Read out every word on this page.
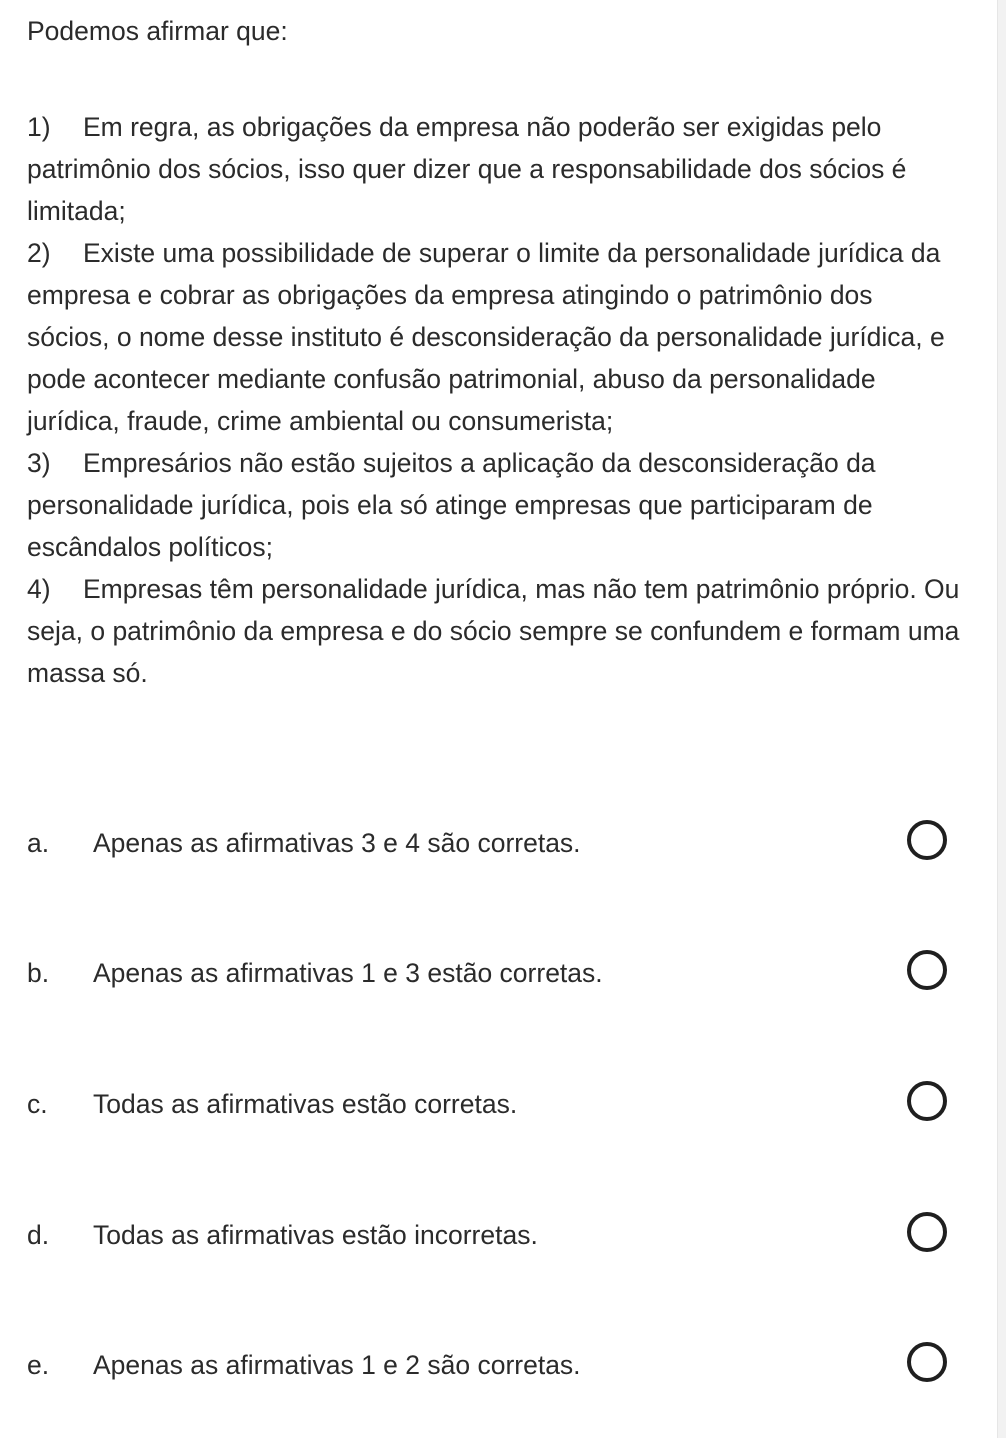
Podemos afirmar que:

1) Em regra, as obrigações da empresa não poderão ser exigidas pelo patrimônio dos sócios, isso quer dizer que a responsabilidade dos sócios é limitada;

2) Existe uma possibilidade de superar o limite da personalidade jurídica da empresa e cobrar as obrigações da empresa atingindo o patrimônio dos sócios, o nome desse instituto é desconsideração da personalidade jurídica, e pode acontecer mediante confusão patrimonial, abuso da personalidade jurídica, fraude, crime ambiental ou consumerista;

3) Empresários não estão sujeitos a aplicação da desconsideração da personalidade jurídica, pois ela só atinge empresas que participaram de escândalos políticos;

4) Empresas têm personalidade jurídica, mas não tem patrimônio próprio. Ou seja, o patrimônio da empresa e do sócio sempre se confundem e formam uma massa só.

a. Apenas as afirmativas 3 e 4 são corretas.
b. Apenas as afirmativas 1 e 3 estão corretas.
c. Todas as afirmativas estão corretas.
d. Todas as afirmativas estão incorretas.
e. Apenas as afirmativas 1 e 2 são corretas.
